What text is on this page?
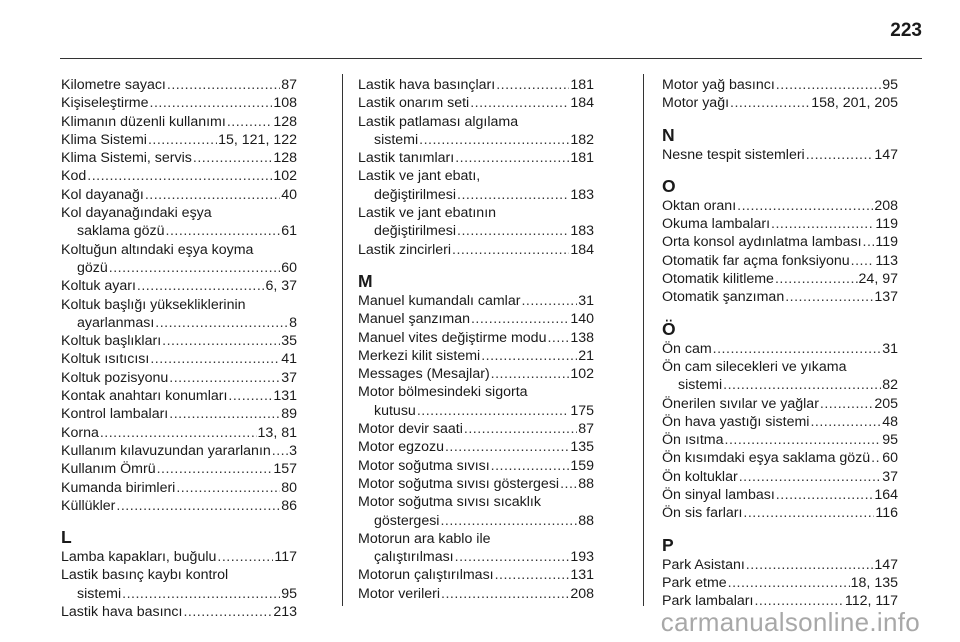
223
Kilometre sayacı .....	87
Kişiseleştirme .....	108
Klimanın düzenli kullanımı .....	128
Klima Sistemi .....	15, 121, 122
Klima Sistemi, servis .....	128
Kod .....	102
Kol dayanağı .....	40
Kol dayanağındaki eşya
saklama gözü .....	61
Koltuğun altındaki eşya koyma
gözü .....	60
Koltuk ayarı .....	6, 37
Koltuk başlığı yüksekliklerinin
ayarlanması .....	8
Koltuk başlıkları .....	35
Koltuk ısıtıcısı .....	41
Koltuk pozisyonu .....	37
Kontak anahtarı konumları .....	131
Kontrol lambaları .....	89
Korna .....	13, 81
Kullanım kılavuzundan yararlanın ..... 3
Kullanım Ömrü .....	157
Kumanda birimleri .....	80
Küllükler .....	86
L
Lamba kapakları, buğulu .....	117
Lastik basınç kaybı kontrol
sistemi .....	95
Lastik hava basıncı .....	213
Lastik hava basınçları .....	181
Lastik onarım seti .....	184
Lastik patlaması algılama
sistemi .....	182
Lastik tanımları .....	181
Lastik ve jant ebatı,
değiştirilmesi .....	183
Lastik ve jant ebatının
değiştirilmesi .....	183
Lastik zincirleri .....	184
M
Manuel kumandalı camlar .....	31
Manuel şanzıman .....	140
Manuel vites değiştirme modu ..... 138
Merkezi kilit sistemi .....	21
Messages (Mesajlar) .....	102
Motor bölmesindeki sigorta
kutusu .....	175
Motor devir saati .....	87
Motor egzozu .....	135
Motor soğutma sıvısı .....	159
Motor soğutma sıvısı göstergesi ..... 88
Motor soğutma sıvısı sıcaklık
göstergesi .....	88
Motorun ara kablo ile
çalıştırılması .....	193
Motorun çalıştırılması .....	131
Motor verileri .....	208
Motor yağ basıncı .....	95
Motor yağı .....	158, 201, 205
N
Nesne tespit sistemleri .....	147
O
Oktan oranı .....	208
Okuma lambaları .....	119
Orta konsol aydınlatma lambası ..... 119
Otomatik far açma fonksiyonu ..... 113
Otomatik kilitleme .....	24, 97
Otomatik şanzıman .....	137
Ö
Ön cam .....	31
Ön cam silecekleri ve yıkama
sistemi .....	82
Önerilen sıvılar ve yağlar .....	205
Ön hava yastığı sistemi .....	48
Ön ısıtma .....	95
Ön kısımdaki eşya saklama gözü ..... 60
Ön koltuklar .....	37
Ön sinyal lambası .....	164
Ön sis farları .....	116
P
Park Asistanı .....	147
Park etme .....	18, 135
Park lambaları .....	112, 117
carmanualsonline.info
